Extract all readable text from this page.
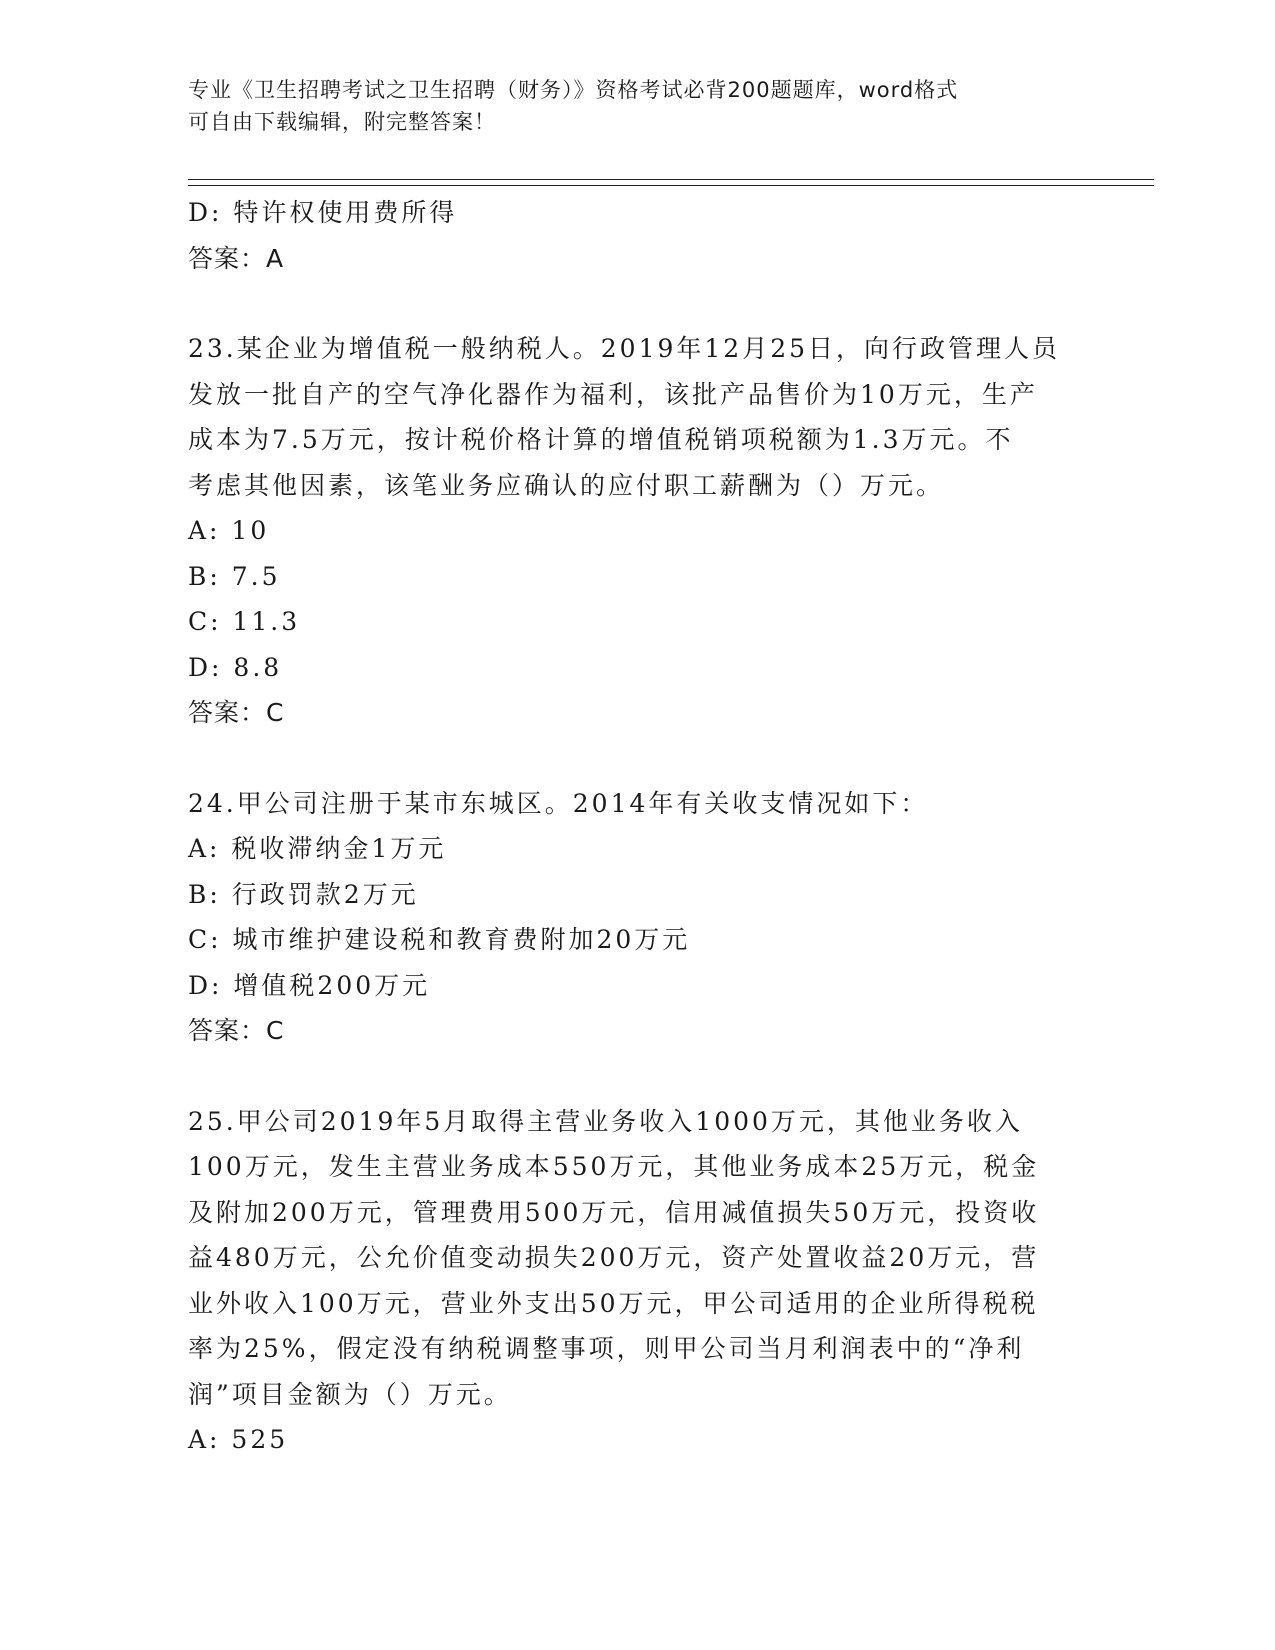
专业《卫生招聘考试之卫生招聘（财务）》资格考试必背200题题库，word格式
可自由下载编辑，附完整答案！
D: 特许权使用费所得
答案：A
23.某企业为增值税一般纳税人。2019年12月25日，向行政管理人员
发放一批自产的空气净化器作为福利，该批产品售价为10万元，生产
成本为7.5万元，按计税价格计算的增值税销项税额为1.3万元。不
考虑其他因素，该笔业务应确认的应付职工薪酬为（）万元。
A: 10
B: 7.5
C: 11.3
D: 8.8
答案：C
24.甲公司注册于某市东城区。2014年有关收支情况如下：
A: 税收滞纳金1万元
B: 行政罚款2万元
C: 城市维护建设税和教育费附加20万元
D: 增值税200万元
答案：C
25.甲公司2019年5月取得主营业务收入1000万元，其他业务收入
100万元，发生主营业务成本550万元，其他业务成本25万元，税金
及附加200万元，管理费用500万元，信用减值损失50万元，投资收
益480万元，公允价值变动损失200万元，资产处置收益20万元，营
业外收入100万元，营业外支出50万元，甲公司适用的企业所得税税
率为25%，假定没有纳税调整事项，则甲公司当月利润表中的“净利
润”项目金额为（）万元。
A: 525
